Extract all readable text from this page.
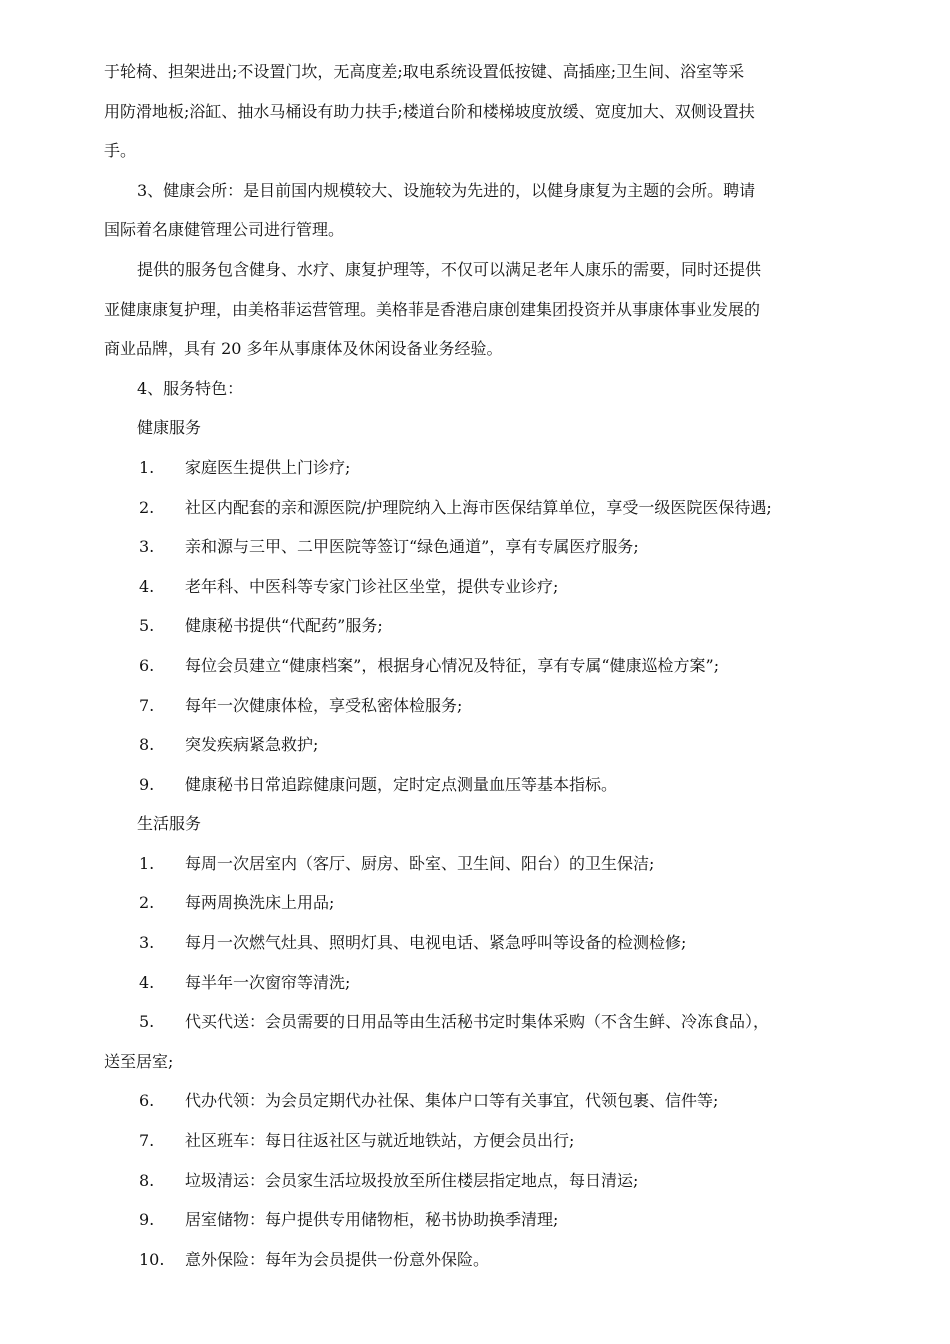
于轮椅、担架进出;不设置门坎，无高度差;取电系统设置低按键、高插座;卫生间、浴室等采
用防滑地板;浴缸、抽水马桶设有助力扶手;楼道台阶和楼梯坡度放缓、宽度加大、双侧设置扶
手。
3、健康会所：是目前国内规模较大、设施较为先进的，以健身康复为主题的会所。聘请
国际着名康健管理公司进行管理。
提供的服务包含健身、水疗、康复护理等，不仅可以满足老年人康乐的需要，同时还提供
亚健康康复护理，由美格菲运营管理。美格菲是香港启康创建集团投资并从事康体事业发展的
商业品牌，具有 20 多年从事康体及休闲设备业务经验。
4、服务特色：
健康服务
1. 家庭医生提供上门诊疗;
2. 社区内配套的亲和源医院/护理院纳入上海市医保结算单位，享受一级医院医保待遇;
3. 亲和源与三甲、二甲医院等签订“绿色通道”，享有专属医疗服务;
4. 老年科、中医科等专家门诊社区坐堂，提供专业诊疗;
5. 健康秘书提供“代配药”服务;
6. 每位会员建立“健康档案”，根据身心情况及特征，享有专属“健康巡检方案”;
7. 每年一次健康体检，享受私密体检服务;
8. 突发疾病紧急救护;
9. 健康秘书日常追踪健康问题，定时定点测量血压等基本指标。
生活服务
1. 每周一次居室内（客厅、厨房、卧室、卫生间、阳台）的卫生保洁;
2. 每两周换洗床上用品;
3. 每月一次燃气灶具、照明灯具、电视电话、紧急呼叫等设备的检测检修;
4. 每半年一次窗帘等清洗;
5. 代买代送：会员需要的日用品等由生活秘书定时集体采购（不含生鲜、冷冻食品），
送至居室;
6. 代办代领：为会员定期代办社保、集体户口等有关事宜，代领包裹、信件等;
7. 社区班车：每日往返社区与就近地铁站，方便会员出行;
8. 垃圾清运：会员家生活垃圾投放至所住楼层指定地点，每日清运;
9. 居室储物：每户提供专用储物柜，秘书协助换季清理;
10. 意外保险：每年为会员提供一份意外保险。
